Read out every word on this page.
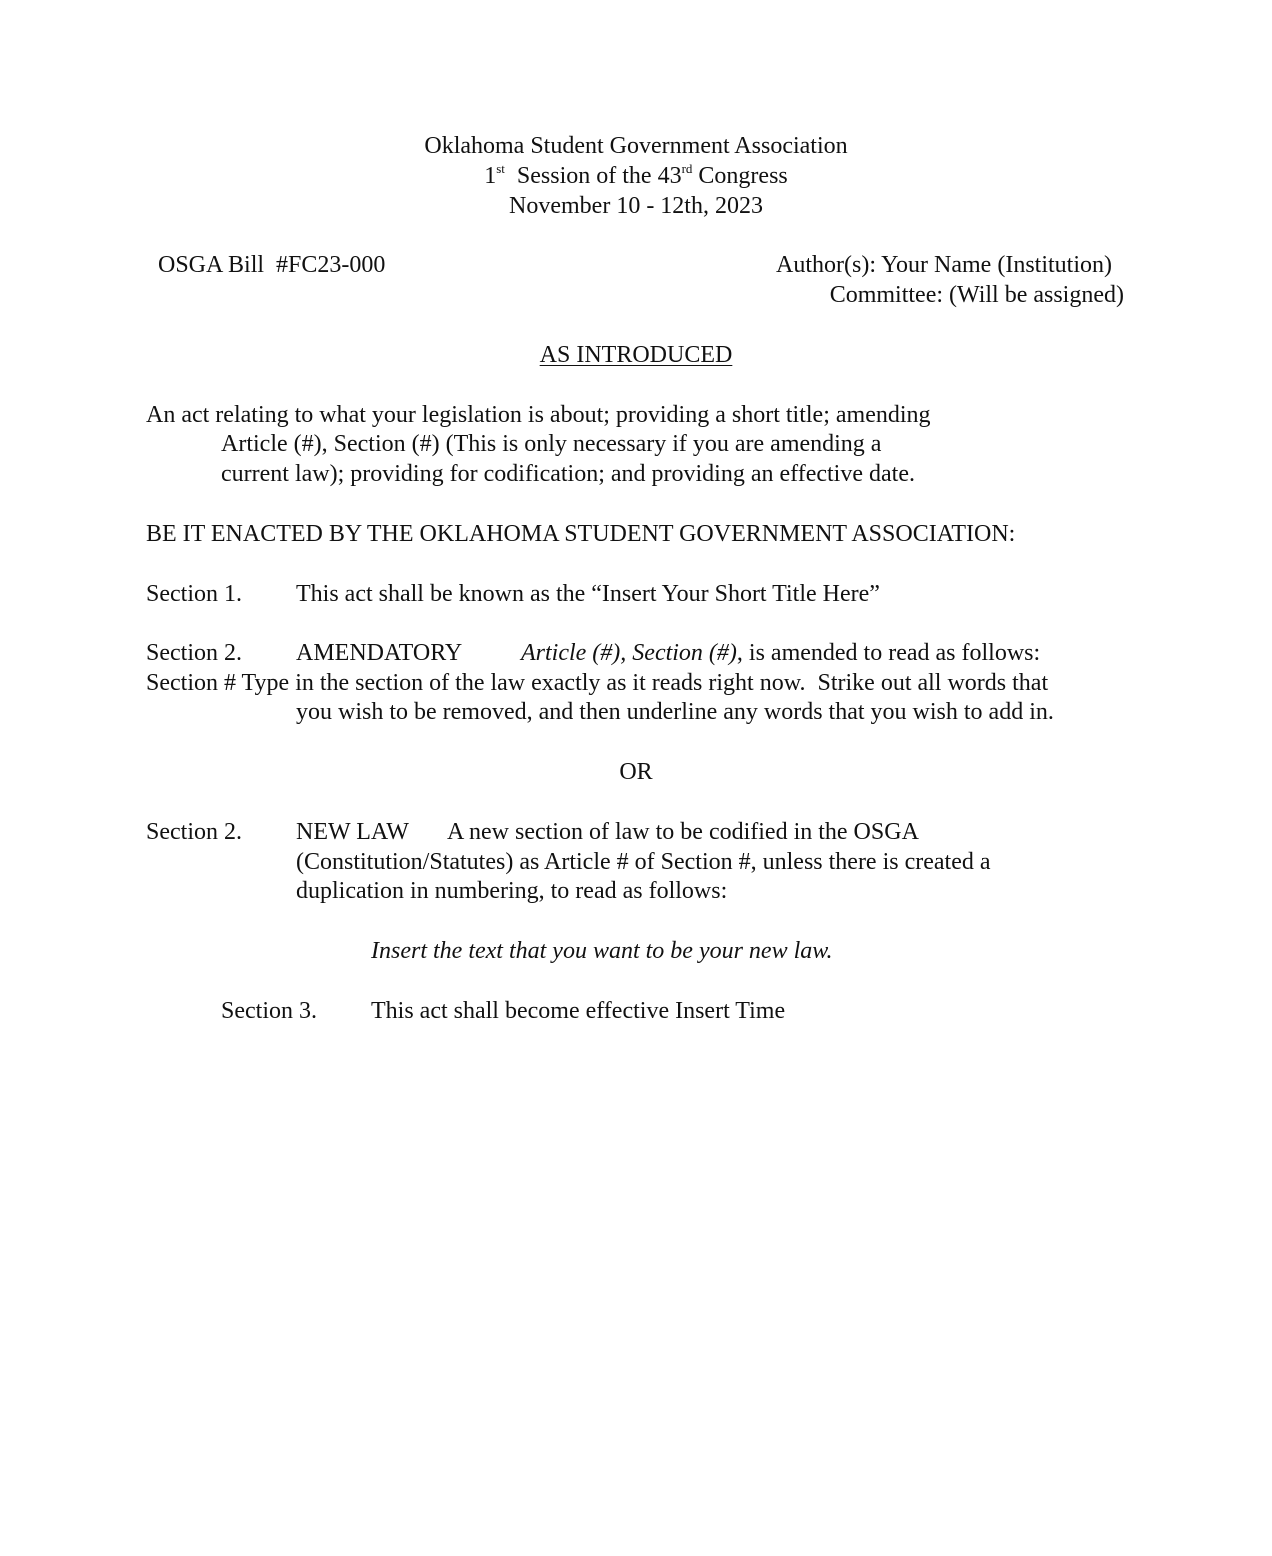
Oklahoma Student Government Association
1st Session of the 43rd Congress
November 10 - 12th, 2023
OSGA Bill  #FC23-000	Author(s): Your Name (Institution)
Committee: (Will be assigned)
AS INTRODUCED
An act relating to what your legislation is about; providing a short title; amending
Article (#), Section (#) (This is only necessary if you are amending a
current law); providing for codification; and providing an effective date.
BE IT ENACTED BY THE OKLAHOMA STUDENT GOVERNMENT ASSOCIATION:
Section 1. This act shall be known as the “Insert Your Short Title Here”
Section 2. AMENDATORY Article (#), Section (#), is amended to read as follows:
Section # Type in the section of the law exactly as it reads right now.  Strike out all words that
you wish to be removed, and then underline any words that you wish to add in.
OR
Section 2. NEW LAW A new section of law to be codified in the OSGA
(Constitution/Statutes) as Article # of Section #, unless there is created a
duplication in numbering, to read as follows:
Insert the text that you want to be your new law.
Section 3. This act shall become effective Insert Time
